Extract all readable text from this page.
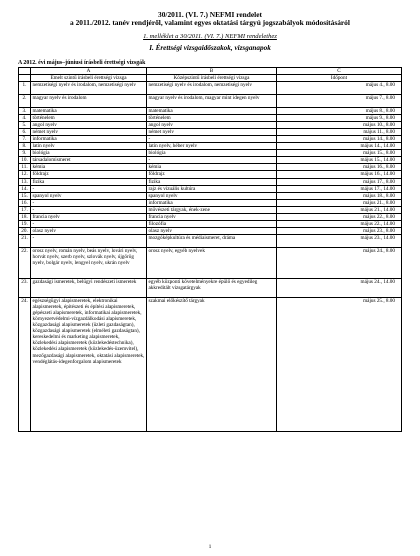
30/2011. (VI. 7.) NEFMI rendelet
a 2011./2012. tanév rendjéről, valamint egyes oktatási tárgyú jogszabályok módosításáról
1. melléklet a 30/2011. (VI. 7.) NEFMI rendelethez
I. Érettségi vizsgaidőszakok, vizsganapok
A 2012. évi május–júniusi írásbeli érettségi vizsgák
	A	B	C
	Emelt szintű írásbeli érettségi vizsga	Középszintű írásbeli érettségi vizsga	Időpont
1.	nemzetiségi nyelv és irodalom, nemzetiségi nyelv	nemzetiségi nyelv és irodalom, nemzetiségi nyelv	május 4., 8.00
2.	magyar nyelv és irodalom	magyar nyelv és irodalom, magyar mint idegen nyelv	május 7., 8.00
3.	matematika	matematika	május 8., 8.00
4.	történelem	történelem	május 9., 8.00
5.	angol nyelv	angol nyelv	május 10., 8.00
6.	német nyelv	német nyelv	május 11., 8.00
7.	informatika	-	május 14., 8.00
8.	latin nyelv	latin nyelv, héber nyelv	május 14., 14.00
9.	biológia	biológia	május 15., 8.00
10.	társadalomismeret	-	május 15., 14.00
11.	kémia	kémia	május 16., 8.00
12.	földrajz	földrajz	május 16., 14.00
13.	fizika	fizika	május 17., 8.00
14.	-	rajz és vizuális kultúra	május 17., 14.00
15.	spanyol nyelv	spanyol nyelv	május 18., 8.00
16.	-	informatika	május 21., 8.00
17.	-	művészeti tárgyak, ének-zene	május 21., 14.00
18.	francia nyelv	francia nyelv	május 22., 8.00
19.	-	filozófia	május 22., 14.00
20.	olasz nyelv	olasz nyelv	május 23., 8.00
21.	-	mozgóképkultúra és médiaismeret, dráma	május 23., 14.00
22.	orosz nyelv, román nyelv, beás nyelv, lovári nyelv, horvát nyelv, szerb nyelv, szlovák nyelv, újgörög nyelv, bolgár nyelv, lengyel nyelv, ukrán nyelv	orosz nyelv, egyéb nyelvek	május 24., 8.00
23.	gazdasági ismeretek, belügyi rendészeti ismeretek	egyéb központi követelményekre épülő és egyedileg akkreditált vizsgatárgyak	május 24., 14.00
24.	egészségügyi alapismeretek, elektronikai alapismeretek, építészeti és építési alapismeretek, gépészeti alapismeretek, informatikai alapismeretek, környezetvédelmi-vízgazdálkodási alapismeretek, közgazdasági alapismeretek (üzleti gazdaságtan), közgazdasági alapismeretek (elméleti gazdaságtan), kereskedelmi és marketing alapismeretek, közlekedési alapismeretek (közlekedéstechnika), közlekedési alapismeretek (közlekedés-üzemvitel), mezőgazdasági alapismeretek, oktatási alapismeretek, vendéglátás-idegenforgalom alapismeretek	szakmai előkészítő tárgyak	május 25., 8.00
1
